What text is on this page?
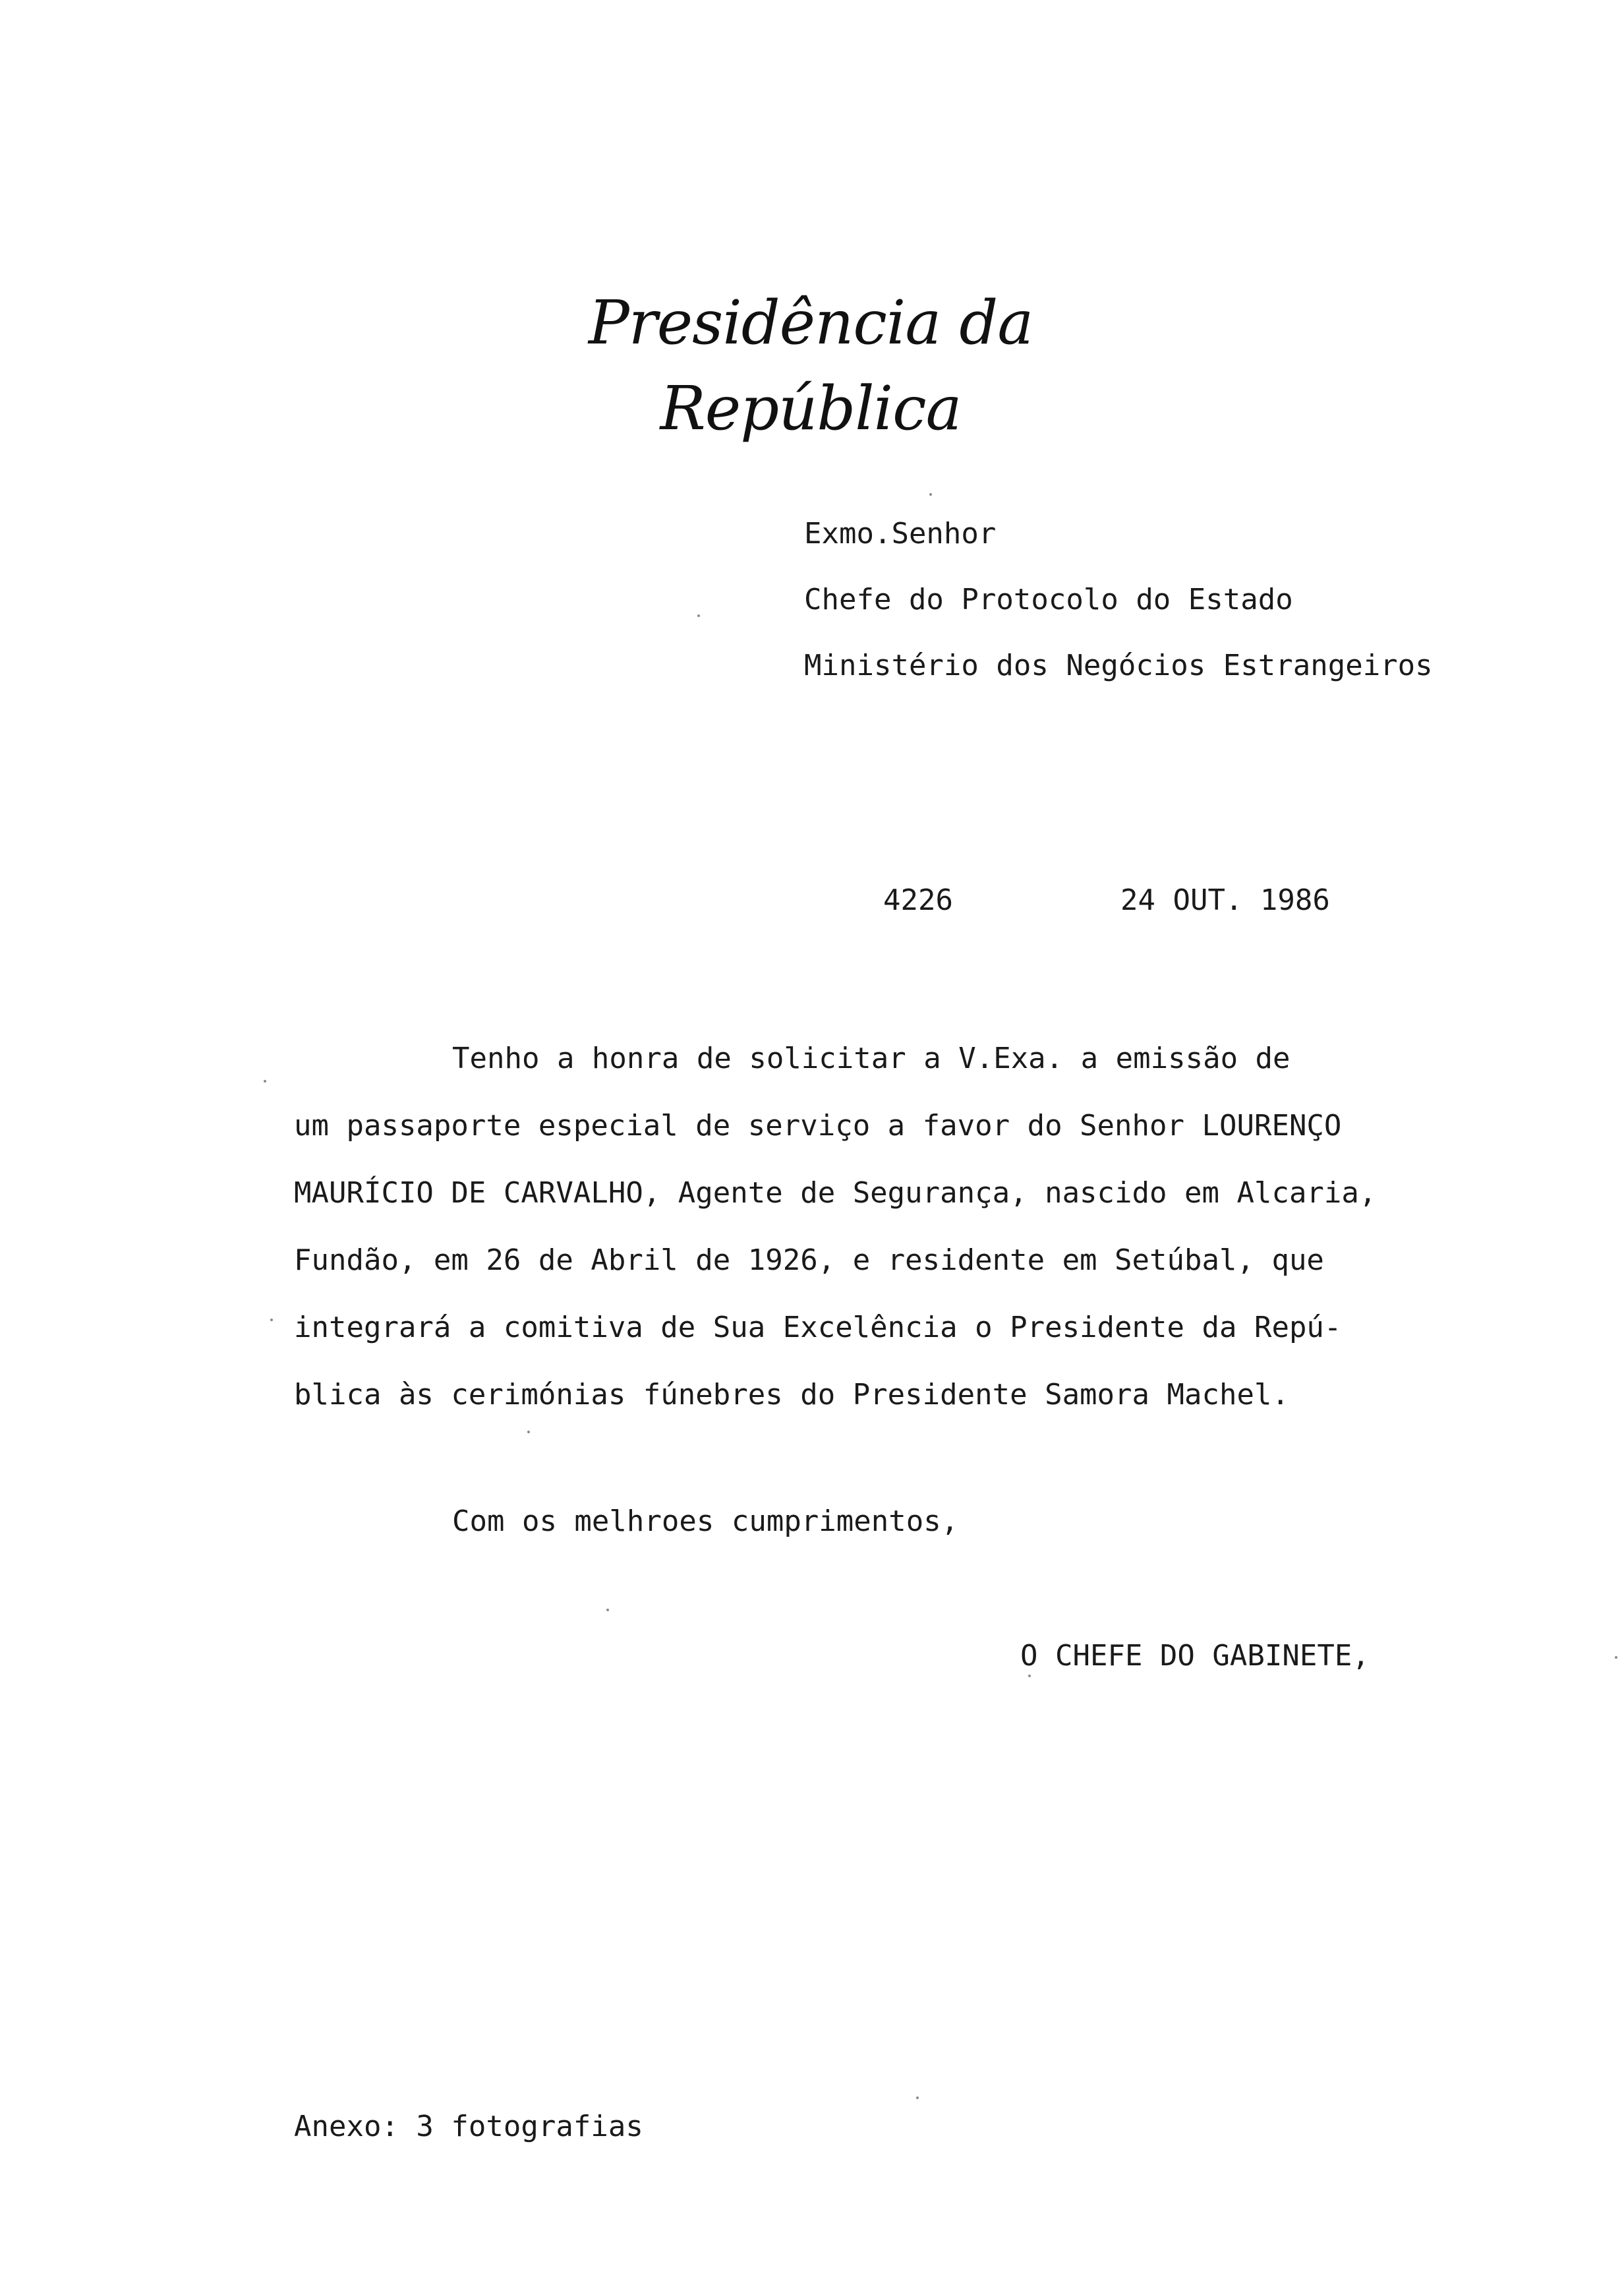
Presidência da República
Exmo.Senhor
Chefe do Protocolo do Estado
Ministério dos Negócios Estrangeiros
4226	24 OUT. 1986
Tenho a honra de solicitar a V.Exa. a emissão de
um passaporte especial de serviço a favor do Senhor LOURENÇO
MAURÍCIO DE CARVALHO, Agente de Segurança, nascido em Alcaria,
Fundão, em 26 de Abril de 1926, e residente em Setúbal, que
integrará a comitiva de Sua Excelência o Presidente da Repú-
blica às cerimónias fúnebres do Presidente Samora Machel.
Com os melhroes cumprimentos,
O CHEFE DO GABINETE,
Anexo: 3 fotografias
